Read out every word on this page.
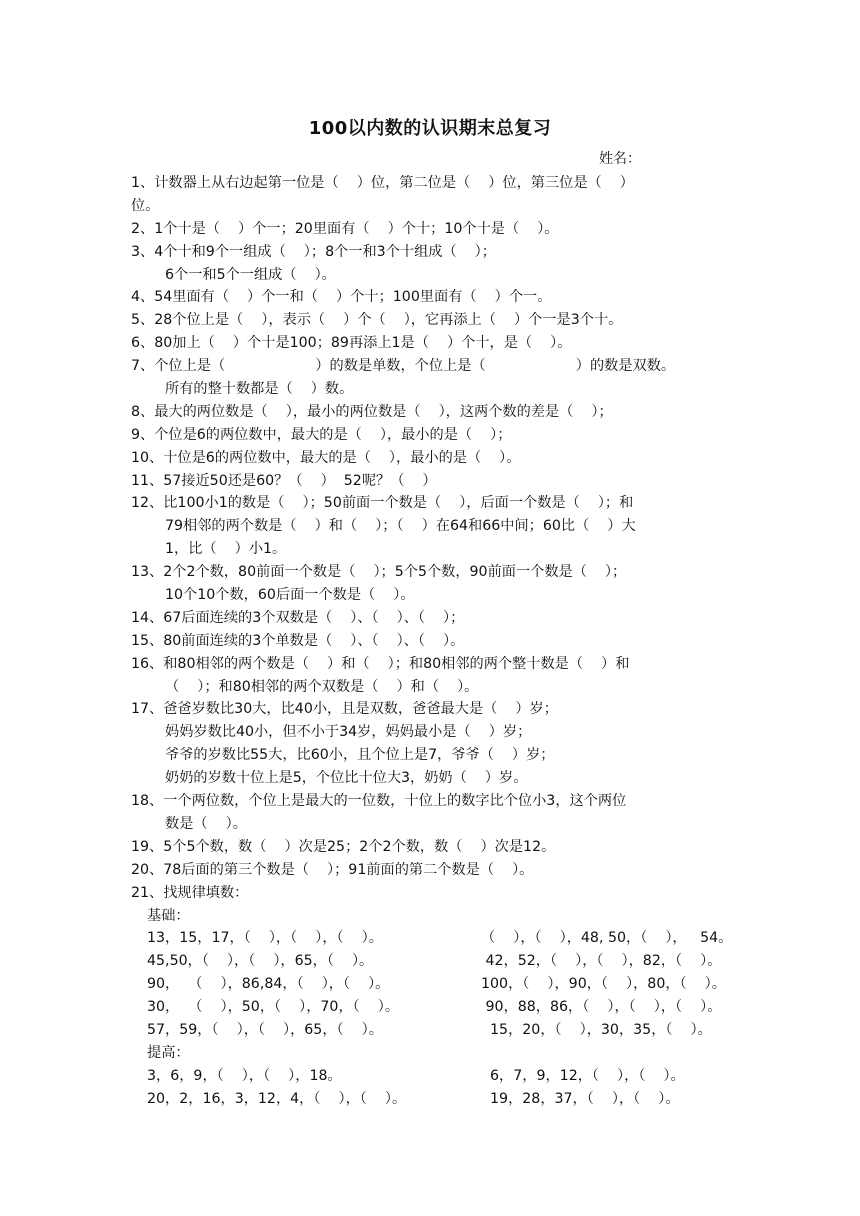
100以内数的认识期末总复习
姓名：
1、计数器上从右边起第一位是（    ）位，第二位是（    ）位，第三位是（    ）
位。
2、1个十是（    ）个一；20里面有（    ）个十；10个十是（    ）。
3、4个十和9个一组成（    ）；8个一和3个十组成（    ）；
6个一和5个一组成（    ）。
4、54里面有（    ）个一和（    ）个十；100里面有（    ）个一。
5、28个位上是（    ），表示（    ）个（    ），它再添上（    ）个一是3个十。
6、80加上（    ）个十是100；89再添上1是（    ）个十，是（    ）。
7、个位上是（                    ）的数是单数，个位上是（                    ）的数是双数。
所有的整十数都是（    ）数。
8、最大的两位数是（    ），最小的两位数是（    ），这两个数的差是（    ）；
9、个位是6的两位数中，最大的是（    ），最小的是（    ）；
10、十位是6的两位数中，最大的是（    ），最小的是（    ）。
11、57接近50还是60？（    ）  52呢？（    ）
12、比100小1的数是（    ）；50前面一个数是（    ），后面一个数是（    ）；和
79相邻的两个数是（    ）和（    ）；（    ）在64和66中间；60比（    ）大
1，比（    ）小1。
13、2个2个数，80前面一个数是（    ）；5个5个数，90前面一个数是（    ）；
10个10个数，60后面一个数是（    ）。
14、67后面连续的3个双数是（    ）、（    ）、（    ）；
15、80前面连续的3个单数是（    ）、（    ）、（    ）。
16、和80相邻的两个数是（    ）和（    ）；和80相邻的两个整十数是（    ）和
（    ）；和80相邻的两个双数是（    ）和（    ）。
17、爸爸岁数比30大，比40小，且是双数，爸爸最大是（    ）岁；
妈妈岁数比40小，但不小于34岁，妈妈最小是（    ）岁；
爷爷的岁数比55大，比60小，且个位上是7，爷爷（    ）岁；
奶奶的岁数十位上是5，个位比十位大3，奶奶（    ）岁。
18、一个两位数，个位上是最大的一位数，十位上的数字比个位小3，这个两位
数是（    ）。
19、5个5个数，数（    ）次是25；2个2个数，数（    ）次是12。
20、78后面的第三个数是（    ）；91前面的第二个数是（    ）。
21、找规律填数：
基础：
13，15，17，（    ），（    ），（    ）。	（    ），（    ），48, 50，（    ），   54。
45,50，（    ），（    ），65，（    ）。	42，52，（    ），（    ），82，（    ）。
90，  （    ），86,84，（    ），（    ）。	100，（    ），90，（    ），80，（    ）。
30，  （    ），50，（    ），70，（    ）。	90，88，86，（    ），（    ），（    ）。
57，59，（    ），（    ），65，（    ）。	15，20，（    ），30，35，（    ）。
提高：
3，6，9，（    ），（    ），18。	6，7，9，12，（    ），（    ）。
20，2，16，3，12，4，（    ），（    ）。	19，28，37，（    ），（    ）。
